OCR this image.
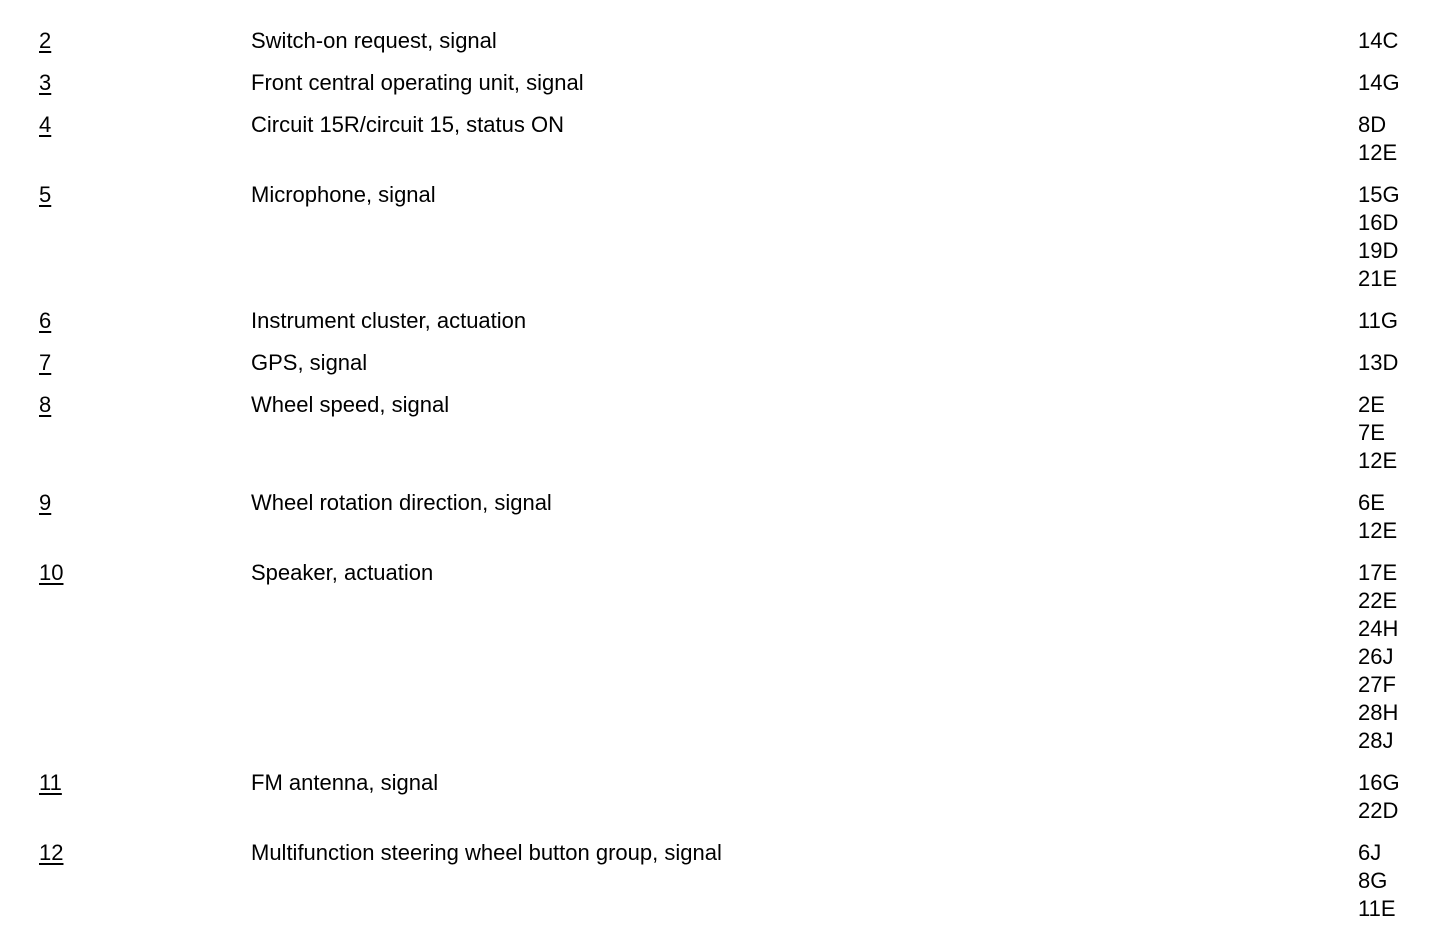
2	Switch-on request, signal	14C
3	Front central operating unit, signal	14G
4	Circuit 15R/circuit 15, status ON	8D
12E
5	Microphone, signal	15G
16D
19D
21E
6	Instrument cluster, actuation	11G
7	GPS, signal	13D
8	Wheel speed, signal	2E
7E
12E
9	Wheel rotation direction, signal	6E
12E
10	Speaker, actuation	17E
22E
24H
26J
27F
28H
28J
11	FM antenna, signal	16G
22D
12	Multifunction steering wheel button group, signal	6J
8G
11E
